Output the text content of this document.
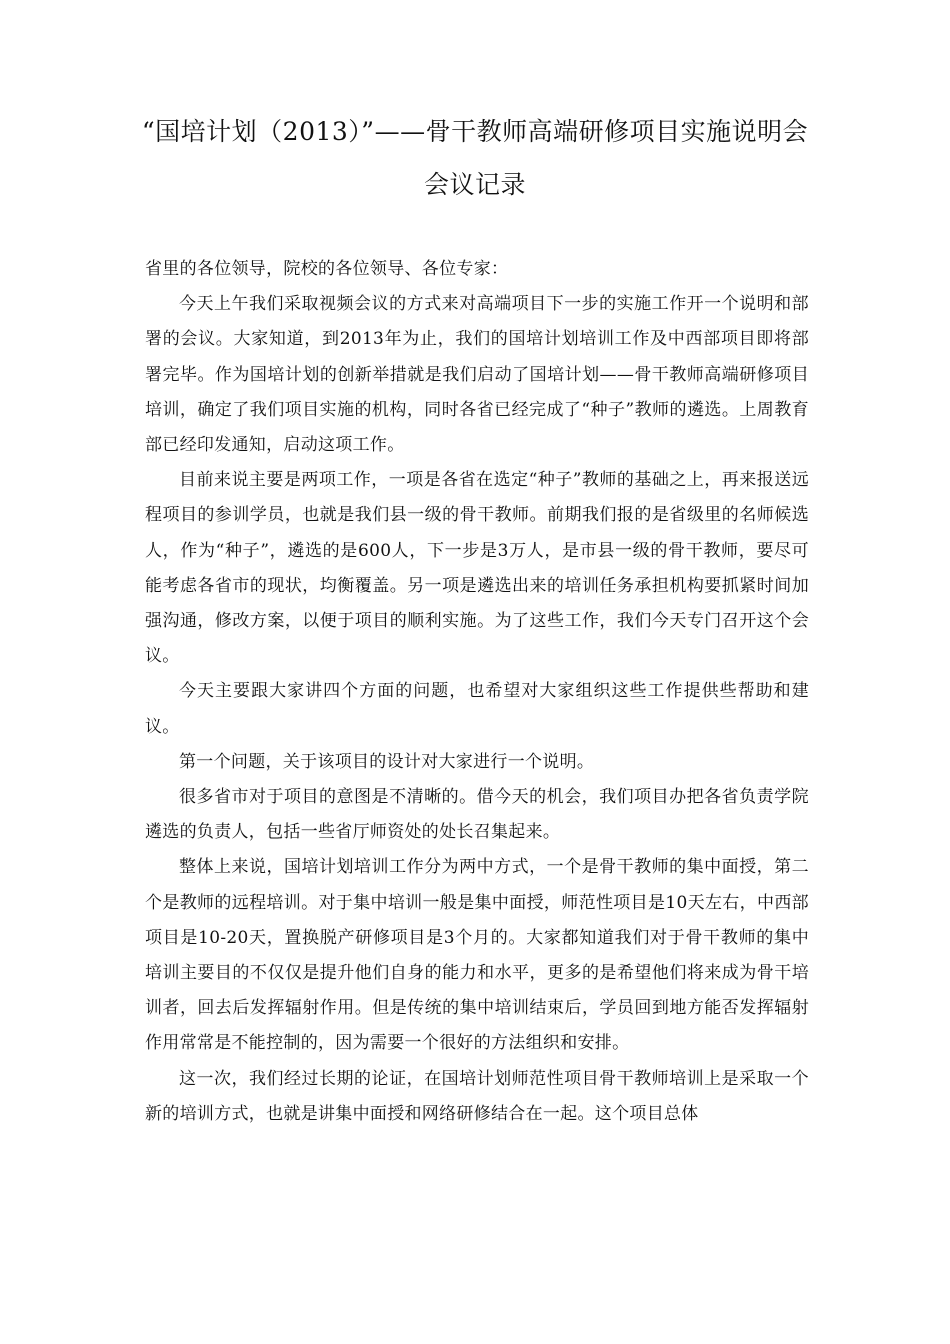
“国培计划（2013）”——骨干教师高端研修项目实施说明会
会议记录

省里的各位领导，院校的各位领导、各位专家：

今天上午我们采取视频会议的方式来对高端项目下一步的实施工作开一个说明和部署的会议。大家知道，到2013年为止，我们的国培计划培训工作及中西部项目即将部署完毕。作为国培计划的创新举措就是我们启动了国培计划——骨干教师高端研修项目培训，确定了我们项目实施的机构，同时各省已经完成了“种子”教师的遴选。上周教育部已经印发通知，启动这项工作。

目前来说主要是两项工作，一项是各省在选定“种子”教师的基础之上，再来报送远程项目的参训学员，也就是我们县一级的骨干教师。前期我们报的是省级里的名师候选人，作为“种子”，遴选的是600人，下一步是3万人，是市县一级的骨干教师，要尽可能考虑各省市的现状，均衡覆盖。另一项是遴选出来的培训任务承担机构要抓紧时间加强沟通，修改方案，以便于项目的顺利实施。为了这些工作，我们今天专门召开这个会议。

今天主要跟大家讲四个方面的问题，也希望对大家组织这些工作提供些帮助和建议。

第一个问题，关于该项目的设计对大家进行一个说明。

很多省市对于项目的意图是不清晰的。借今天的机会，我们项目办把各省负责学院遴选的负责人，包括一些省厅师资处的处长召集起来。

整体上来说，国培计划培训工作分为两中方式，一个是骨干教师的集中面授，第二个是教师的远程培训。对于集中培训一般是集中面授，师范性项目是10天左右，中西部项目是10-20天，置换脱产研修项目是3个月的。大家都知道我们对于骨干教师的集中培训主要目的不仅仅是提升他们自身的能力和水平，更多的是希望他们将来成为骨干培训者，回去后发挥辐射作用。但是传统的集中培训结束后，学员回到地方能否发挥辐射作用常常是不能控制的，因为需要一个很好的方法组织和安排。

这一次，我们经过长期的论证，在国培计划师范性项目骨干教师培训上是采取一个新的培训方式，也就是讲集中面授和网络研修结合在一起。这个项目总体
